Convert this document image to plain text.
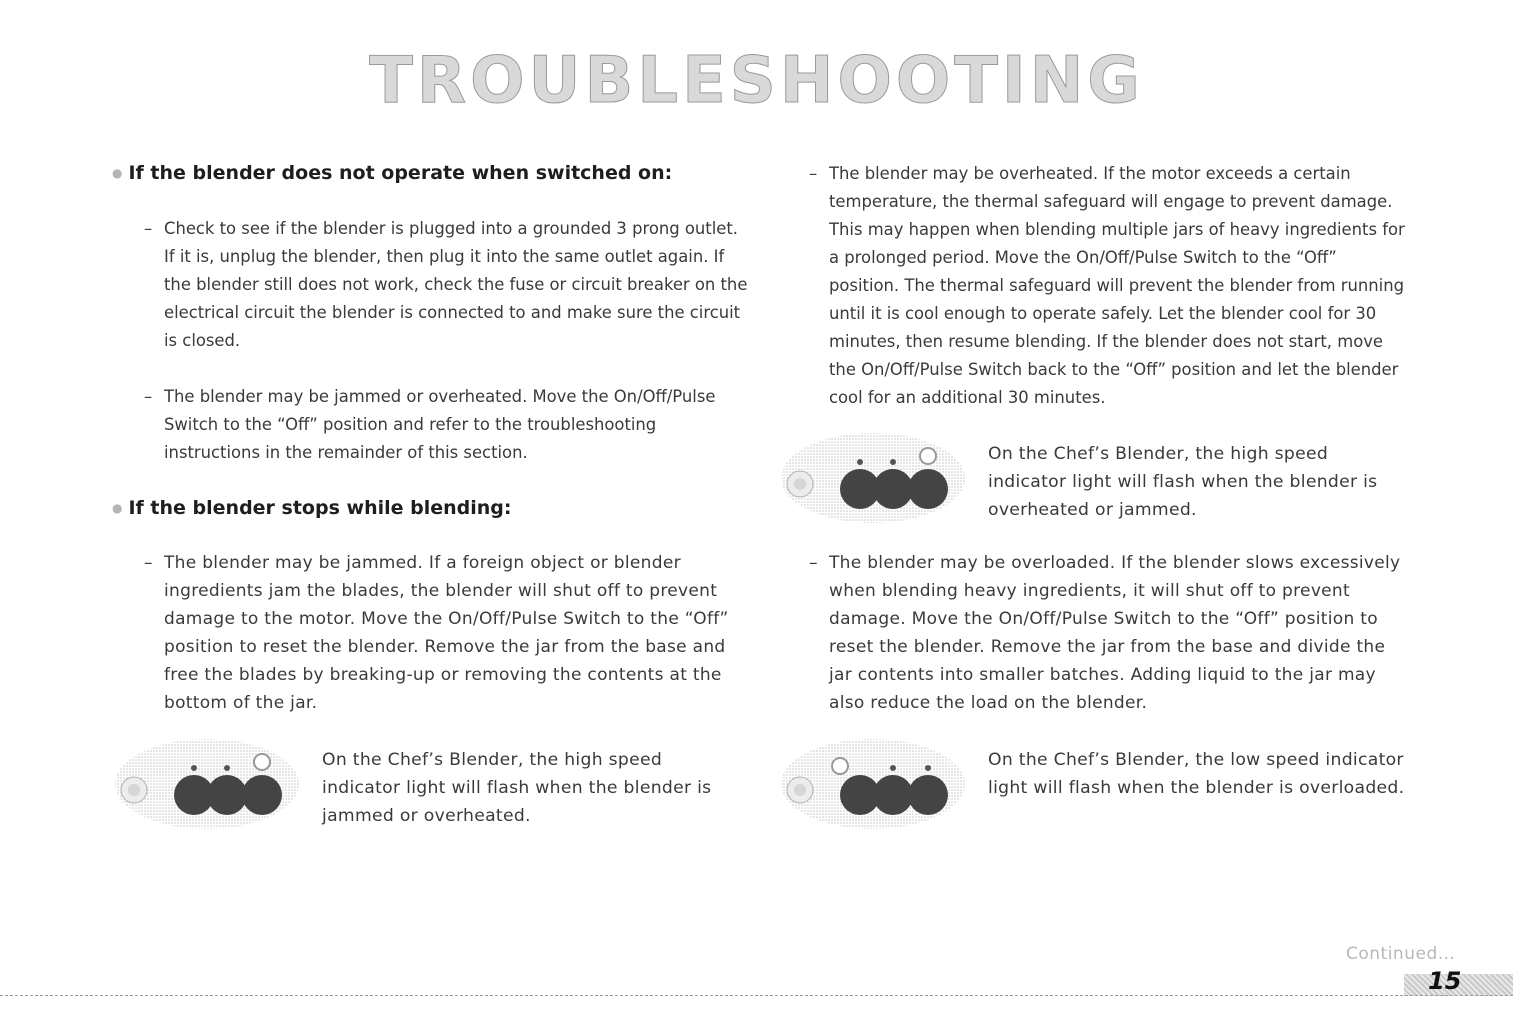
TROUBLESHOOTING
● If the blender does not operate when switched on:
– Check to see if the blender is plugged into a grounded 3 prong outlet. If it is, unplug the blender, then plug it into the same outlet again. If the blender still does not work, check the fuse or circuit breaker on the electrical circuit the blender is connected to and make sure the circuit is closed.
– The blender may be jammed or overheated. Move the On/Off/Pulse Switch to the “Off” position and refer to the troubleshooting instructions in the remainder of this section.
● If the blender stops while blending:
– The blender may be jammed. If a foreign object or blender ingredients jam the blades, the blender will shut off to prevent damage to the motor. Move the On/Off/Pulse Switch to the “Off” position to reset the blender. Remove the jar from the base and free the blades by breaking-up or removing the contents at the bottom of the jar.
On the Chef’s Blender, the high speed indicator light will flash when the blender is jammed or overheated.
– The blender may be overheated. If the motor exceeds a certain temperature, the thermal safeguard will engage to prevent damage. This may happen when blending multiple jars of heavy ingredients for a prolonged period. Move the On/Off/Pulse Switch to the “Off” position. The thermal safeguard will prevent the blender from running until it is cool enough to operate safely. Let the blender cool for 30 minutes, then resume blending. If the blender does not start, move the On/Off/Pulse Switch back to the “Off” position and let the blender cool for an additional 30 minutes.
On the Chef’s Blender, the high speed indicator light will flash when the blender is overheated or jammed.
– The blender may be overloaded. If the blender slows excessively when blending heavy ingredients, it will shut off to prevent damage. Move the On/Off/Pulse Switch to the “Off” position to reset the blender. Remove the jar from the base and divide the jar contents into smaller batches. Adding liquid to the jar may also reduce the load on the blender.
On the Chef’s Blender, the low speed indicator light will flash when the blender is overloaded.
Continued…
15
